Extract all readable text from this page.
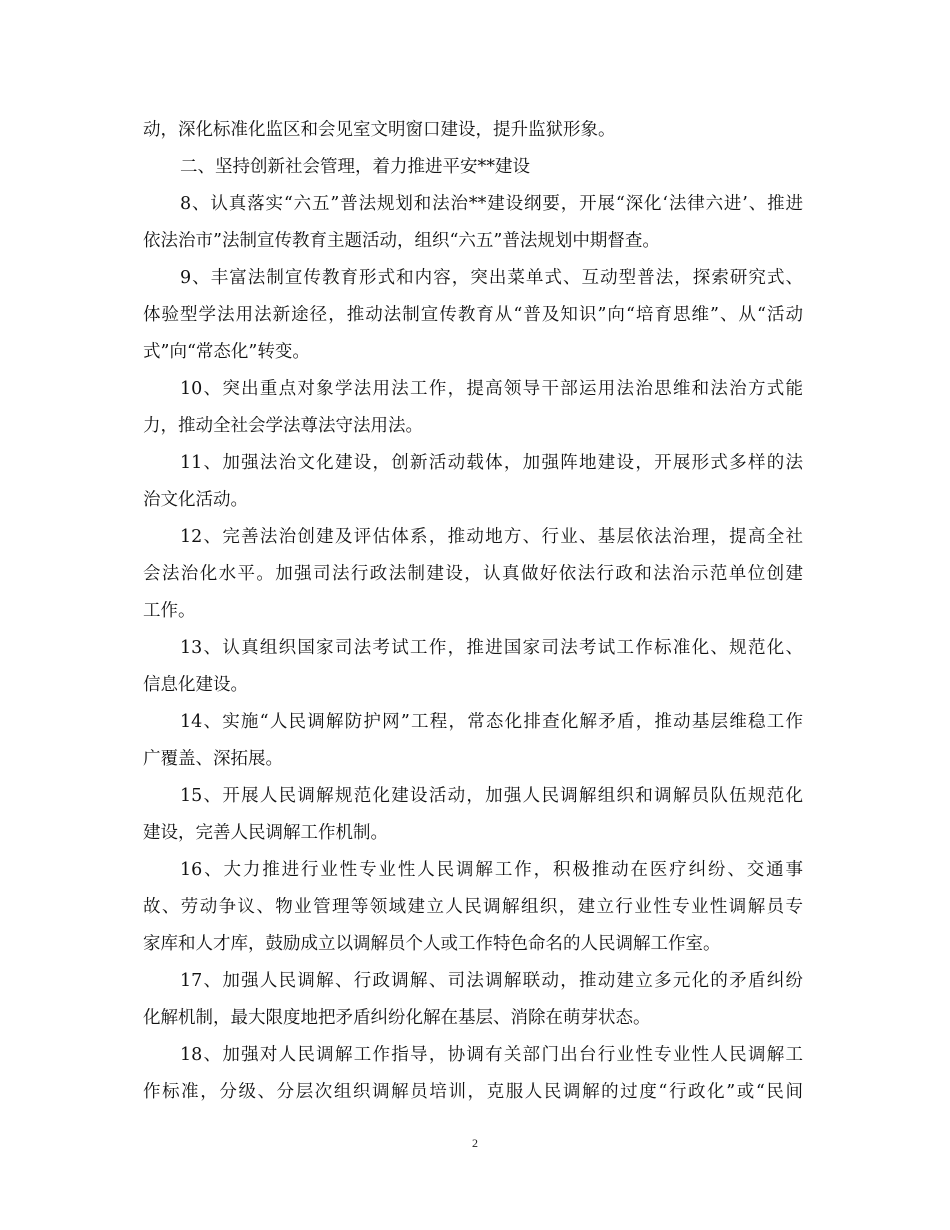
动，深化标准化监区和会见室文明窗口建设，提升监狱形象。
二、坚持创新社会管理，着力推进平安**建设
8、认真落实“六五”普法规划和法治**建设纲要，开展“深化‘法律六进’、推进
依法治市”法制宣传教育主题活动，组织“六五”普法规划中期督查。
9、丰富法制宣传教育形式和内容，突出菜单式、互动型普法，探索研究式、
体验型学法用法新途径，推动法制宣传教育从“普及知识”向“培育思维”、从“活动
式”向“常态化”转变。
10、突出重点对象学法用法工作，提高领导干部运用法治思维和法治方式能
力，推动全社会学法尊法守法用法。
11、加强法治文化建设，创新活动载体，加强阵地建设，开展形式多样的法
治文化活动。
12、完善法治创建及评估体系，推动地方、行业、基层依法治理，提高全社
会法治化水平。加强司法行政法制建设，认真做好依法行政和法治示范单位创建
工作。
13、认真组织国家司法考试工作，推进国家司法考试工作标准化、规范化、
信息化建设。
14、实施“人民调解防护网”工程，常态化排查化解矛盾，推动基层维稳工作
广覆盖、深拓展。
15、开展人民调解规范化建设活动，加强人民调解组织和调解员队伍规范化
建设，完善人民调解工作机制。
16、大力推进行业性专业性人民调解工作，积极推动在医疗纠纷、交通事
故、劳动争议、物业管理等领域建立人民调解组织，建立行业性专业性调解员专
家库和人才库，鼓励成立以调解员个人或工作特色命名的人民调解工作室。
17、加强人民调解、行政调解、司法调解联动，推动建立多元化的矛盾纠纷
化解机制，最大限度地把矛盾纠纷化解在基层、消除在萌芽状态。
18、加强对人民调解工作指导，协调有关部门出台行业性专业性人民调解工
作标准，分级、分层次组织调解员培训，克服人民调解的过度“行政化”或“民间
2
